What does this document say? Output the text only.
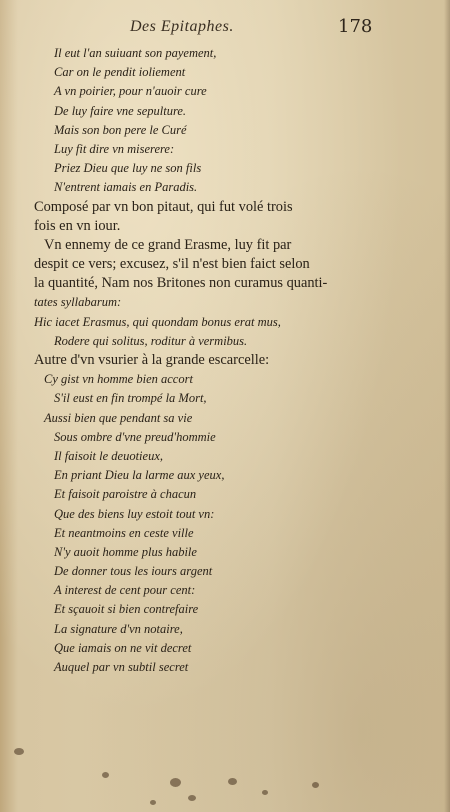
Des Epitaphes.	178
Il eut l'an suiuant son payement,
Car on le pendit ioliement
A vn poirier, pour n'auoir cure
De luy faire vne sepulture.
Mais son bon pere le Curé
Luy fit dire vn miserere:
Priez Dieu que luy ne son fils
N'entrent iamais en Paradis.
Composé par vn bon pitaut, qui fut volé trois
fois en vn iour.
Vn ennemy de ce grand Erasme, luy fit par
despit ce vers; excusez, s'il n'est bien faict selon
la quantité, Nam nos Britones non curamus quanti-
tates syllabarum:
Hic iacet Erasmus, qui quondam bonus erat mus,
Rodere qui solitus, roditur à vermibus.
Autre d'vn vsurier à la grande escarcelle:
Cy gist vn homme bien accort
S'il eust en fin trompé la Mort,
Aussi bien que pendant sa vie
Sous ombre d'vne preud'hommie
Il faisoit le deuotieux,
En priant Dieu la larme aux yeux,
Et faisoit paroistre à chacun
Que des biens luy estoit tout vn:
Et neantmoins en ceste ville
N'y auoit homme plus habile
De donner tous les iours argent
A interest de cent pour cent:
Et sçauoit si bien contrefaire
La signature d'vn notaire,
Que iamais on ne vit decret
Auquel par vn subtil secret
